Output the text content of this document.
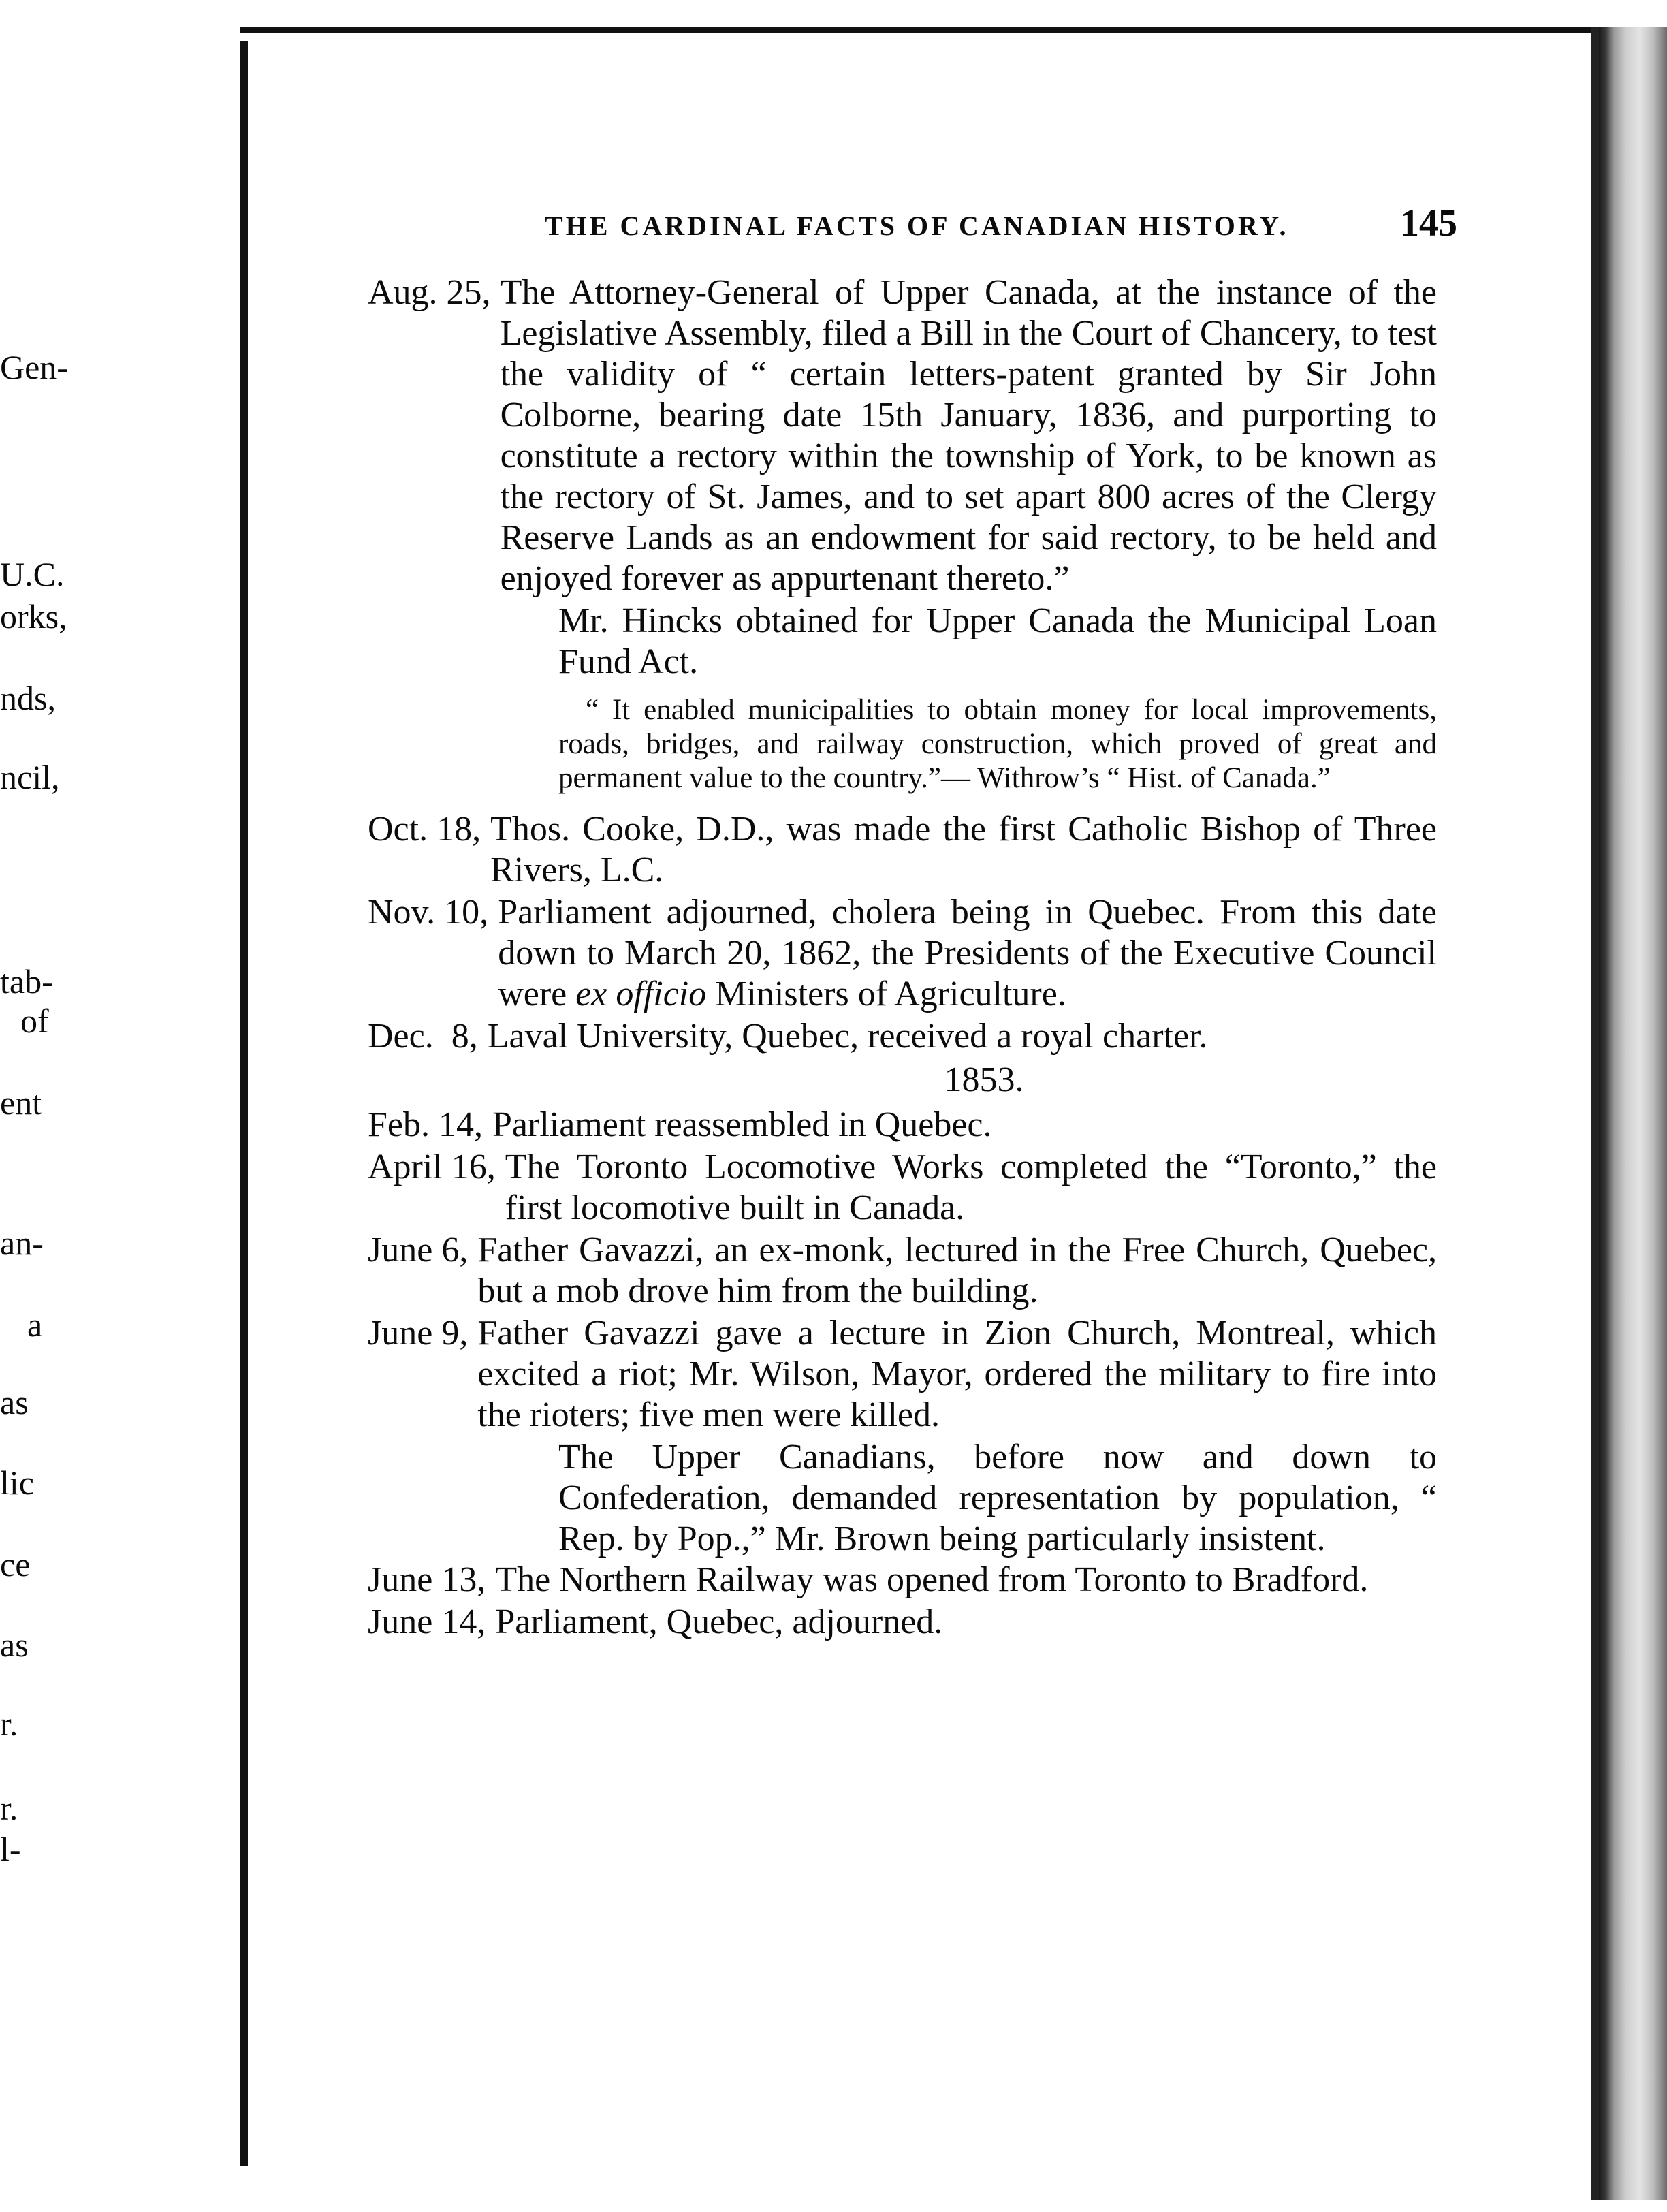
Gen-
U.C.
orks,
nds,
ncil,
tab-
of
ent
an-
a
as
lic
ce
as
r.
r.
l-
THE CARDINAL FACTS OF CANADIAN HISTORY.	145
Aug. 25, The Attorney-General of Upper Canada, at the instance of the Legislative Assembly, filed a Bill in the Court of Chancery, to test the validity of “ certain letters-patent granted by Sir John Colborne, bearing date 15th January, 1836, and purporting to constitute a rectory within the township of York, to be known as the rectory of St. James, and to set apart 800 acres of the Clergy Reserve Lands as an endowment for said rectory, to be held and enjoyed forever as appurtenant thereto.”
Mr. Hincks obtained for Upper Canada the Municipal Loan Fund Act.
“ It enabled municipalities to obtain money for local improvements, roads, bridges, and railway construction, which proved of great and permanent value to the country.”— Withrow’s “ Hist. of Canada.”
Oct. 18, Thos. Cooke, D.D., was made the first Catholic Bishop of Three Rivers, L.C.
Nov. 10, Parliament adjourned, cholera being in Quebec. From this date down to March 20, 1862, the Presidents of the Executive Council were ex officio Ministers of Agriculture.
Dec.  8, Laval University, Quebec, received a royal charter.
1853.
Feb. 14, Parliament reassembled in Quebec.
April 16, The Toronto Locomotive Works completed the “Toronto,” the first locomotive built in Canada.
June 6, Father Gavazzi, an ex-monk, lectured in the Free Church, Quebec, but a mob drove him from the building.
June 9, Father Gavazzi gave a lecture in Zion Church, Montreal, which excited a riot; Mr. Wilson, Mayor, ordered the military to fire into the rioters; five men were killed.
The Upper Canadians, before now and down to Confederation, demanded representation by population, “ Rep. by Pop.,” Mr. Brown being particularly insistent.
June 13, The Northern Railway was opened from Toronto to Bradford.
June 14, Parliament, Quebec, adjourned.
